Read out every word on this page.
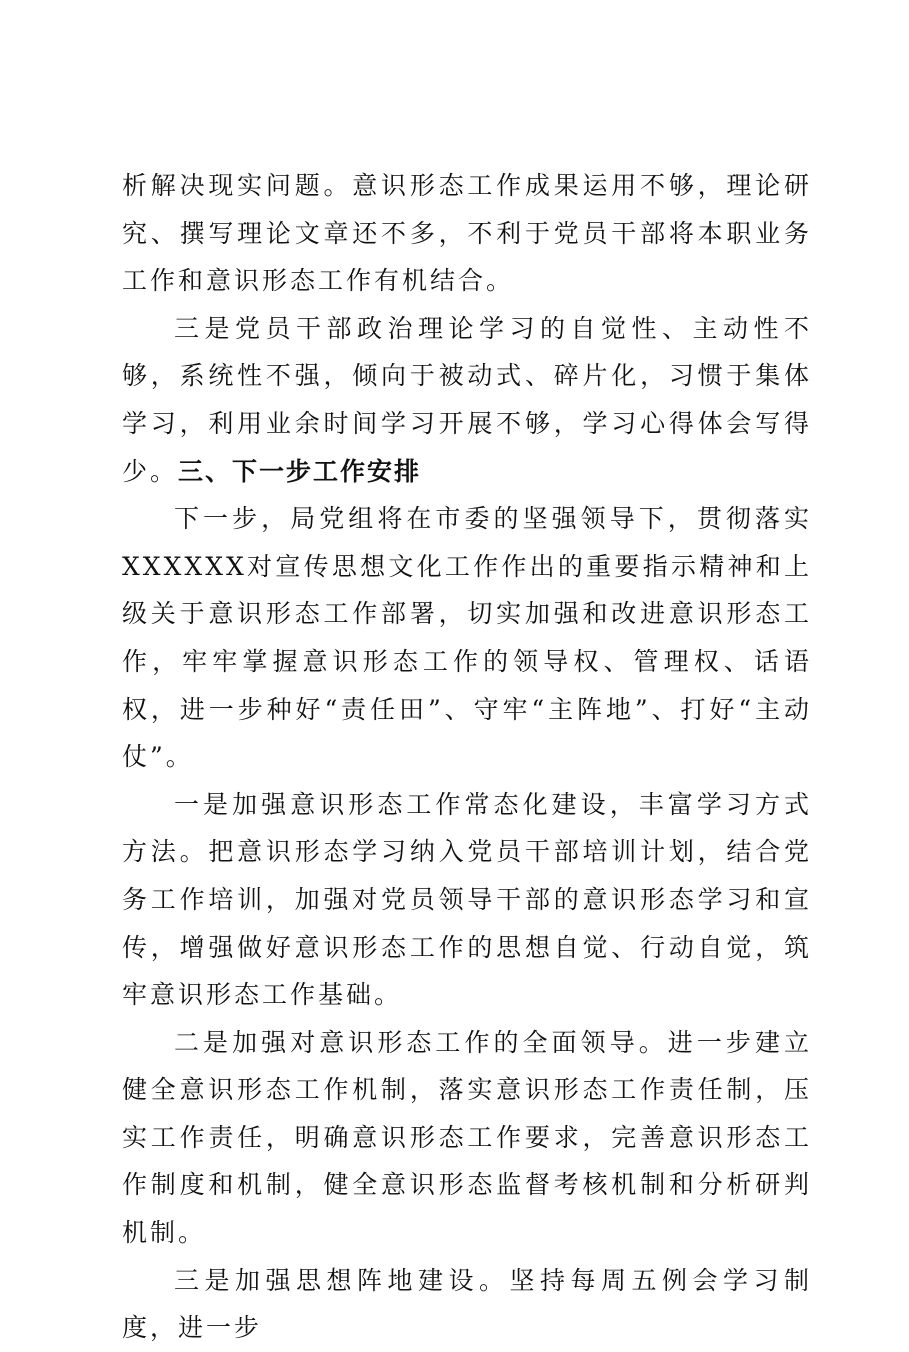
析解决现实问题。意识形态工作成果运用不够，理论研究、撰写理论文章还不多，不利于党员干部将本职业务工作和意识形态工作有机结合。

三是党员干部政治理论学习的自觉性、主动性不够，系统性不强，倾向于被动式、碎片化，习惯于集体学习，利用业余时间学习开展不够，学习心得体会写得少。三、下一步工作安排

下一步，局党组将在市委的坚强领导下，贯彻落实XXXXXX对宣传思想文化工作作出的重要指示精神和上级关于意识形态工作部署，切实加强和改进意识形态工作，牢牢掌握意识形态工作的领导权、管理权、话语权，进一步种好“责任田”、守牢“主阵地”、打好“主动仗”。

一是加强意识形态工作常态化建设，丰富学习方式方法。把意识形态学习纳入党员干部培训计划，结合党务工作培训，加强对党员领导干部的意识形态学习和宣传，增强做好意识形态工作的思想自觉、行动自觉，筑牢意识形态工作基础。

二是加强对意识形态工作的全面领导。进一步建立健全意识形态工作机制，落实意识形态工作责任制，压实工作责任，明确意识形态工作要求，完善意识形态工作制度和机制，健全意识形态监督考核机制和分析研判机制。

三是加强思想阵地建设。坚持每周五例会学习制度，进一步
